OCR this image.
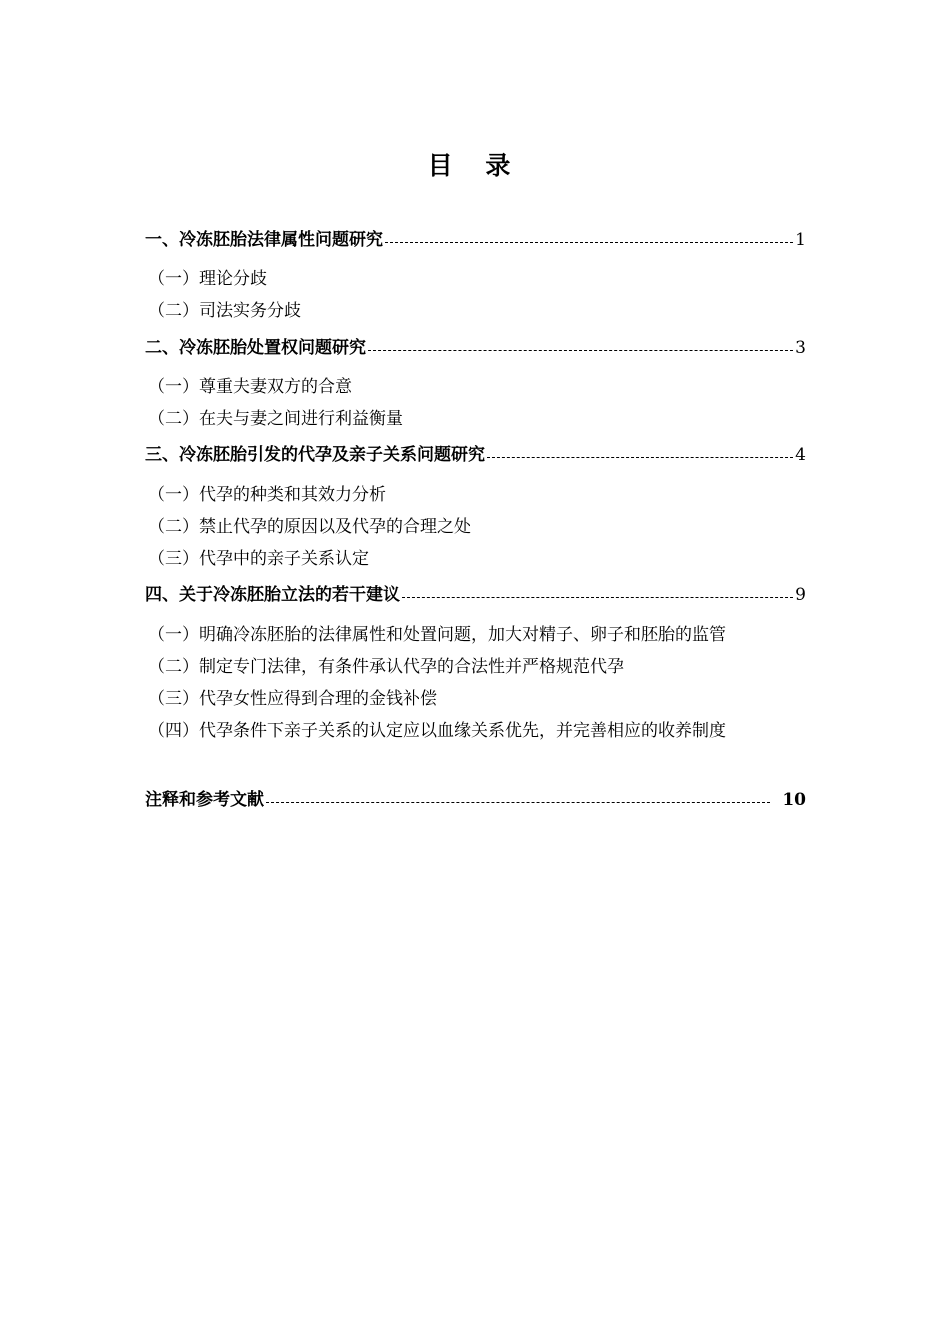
目 录
一、冷冻胚胎法律属性问题研究	1
（一）理论分歧
（二）司法实务分歧
二、冷冻胚胎处置权问题研究	3
（一）尊重夫妻双方的合意
（二）在夫与妻之间进行利益衡量
三、冷冻胚胎引发的代孕及亲子关系问题研究	4
（一）代孕的种类和其效力分析
（二）禁止代孕的原因以及代孕的合理之处
（三）代孕中的亲子关系认定
四、关于冷冻胚胎立法的若干建议	9
（一）明确冷冻胚胎的法律属性和处置问题，加大对精子、卵子和胚胎的监管
（二）制定专门法律，有条件承认代孕的合法性并严格规范代孕
（三）代孕女性应得到合理的金钱补偿
（四）代孕条件下亲子关系的认定应以血缘关系优先，并完善相应的收养制度
注释和参考文献	10
